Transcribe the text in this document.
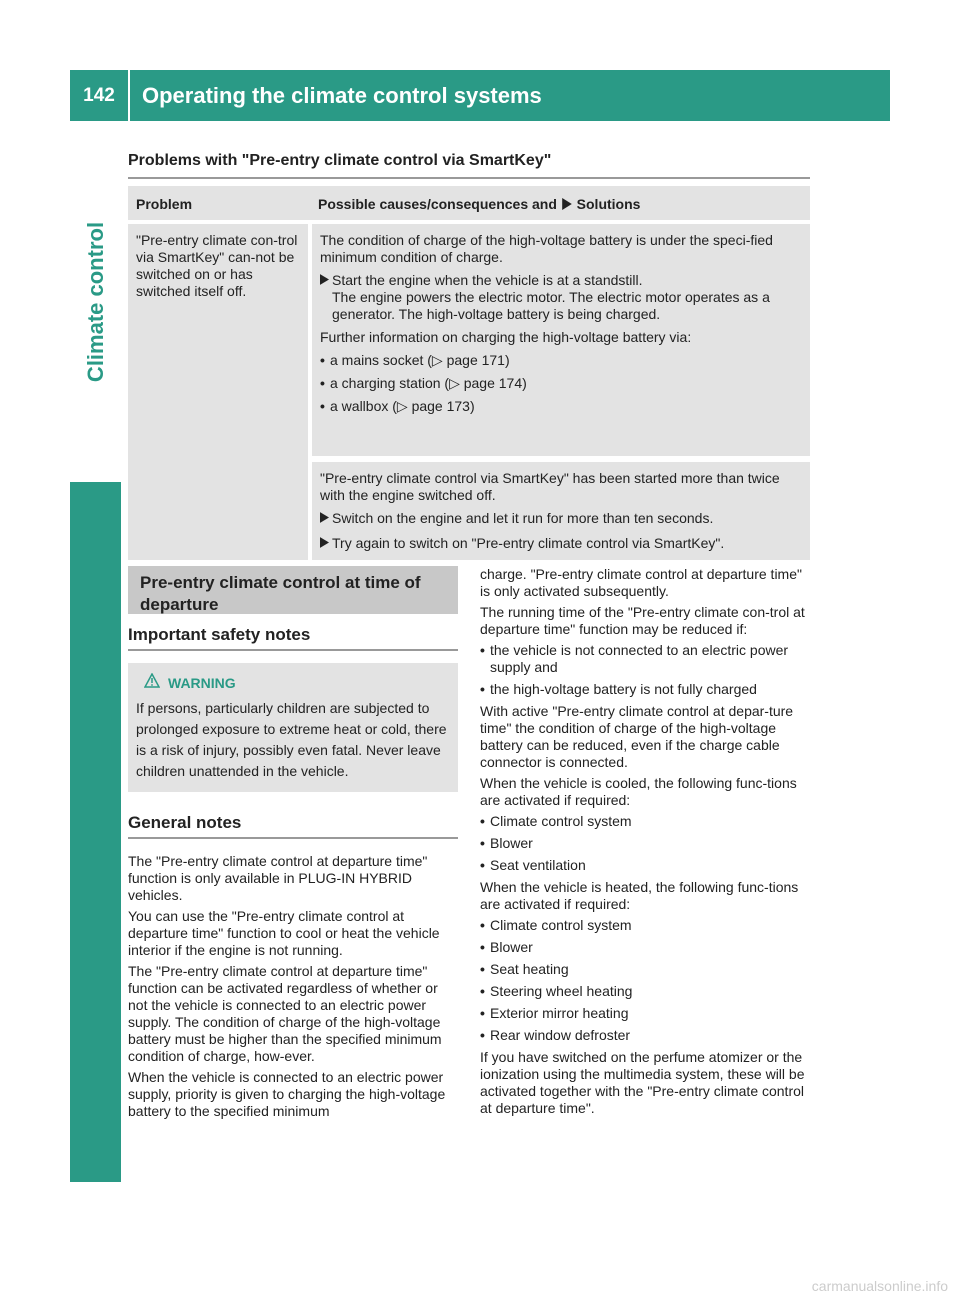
142	Operating the climate control systems
Climate control
Problems with "Pre-entry climate control via SmartKey"
Problem	Possible causes/consequences and Solutions
"Pre-entry climate con-trol via SmartKey" can-not be switched on or has switched itself off.

The condition of charge of the high-voltage battery is under the speci-fied minimum condition of charge.

Start the engine when the vehicle is at a standstill.
The engine powers the electric motor. The electric motor operates as a generator. The high-voltage battery is being charged.

Further information on charging the high-voltage battery via:

• a mains socket (▷ page 171)
• a charging station (▷ page 174)
• a wallbox (▷ page 173)

"Pre-entry climate control via SmartKey" has been started more than twice with the engine switched off.

Switch on the engine and let it run for more than ten seconds.
Try again to switch on "Pre-entry climate control via SmartKey".
Pre-entry climate control at time of departure
Important safety notes
WARNING
If persons, particularly children are subjected to prolonged exposure to extreme heat or cold, there is a risk of injury, possibly even fatal. Never leave children unattended in the vehicle.
General notes

The "Pre-entry climate control at departure time" function is only available in PLUG-IN HYBRID vehicles.

You can use the "Pre-entry climate control at departure time" function to cool or heat the vehicle interior if the engine is not running.

The "Pre-entry climate control at departure time" function can be activated regardless of whether or not the vehicle is connected to an electric power supply. The condition of charge of the high-voltage battery must be higher than the specified minimum condition of charge, how-ever.

When the vehicle is connected to an electric power supply, priority is given to charging the high-voltage battery to the specified minimum

charge. "Pre-entry climate control at departure time" is only activated subsequently.

The running time of the "Pre-entry climate con-trol at departure time" function may be reduced if:

• the vehicle is not connected to an electric power supply and
• the high-voltage battery is not fully charged

With active "Pre-entry climate control at depar-ture time" the condition of charge of the high-voltage battery can be reduced, even if the charge cable connector is connected.

When the vehicle is cooled, the following func-tions are activated if required:

• Climate control system
• Blower
• Seat ventilation

When the vehicle is heated, the following func-tions are activated if required:

• Climate control system
• Blower
• Seat heating
• Steering wheel heating
• Exterior mirror heating
• Rear window defroster

If you have switched on the perfume atomizer or the ionization using the multimedia system, these will be activated together with the "Pre-entry climate control at departure time".

carmanualsonline.info
